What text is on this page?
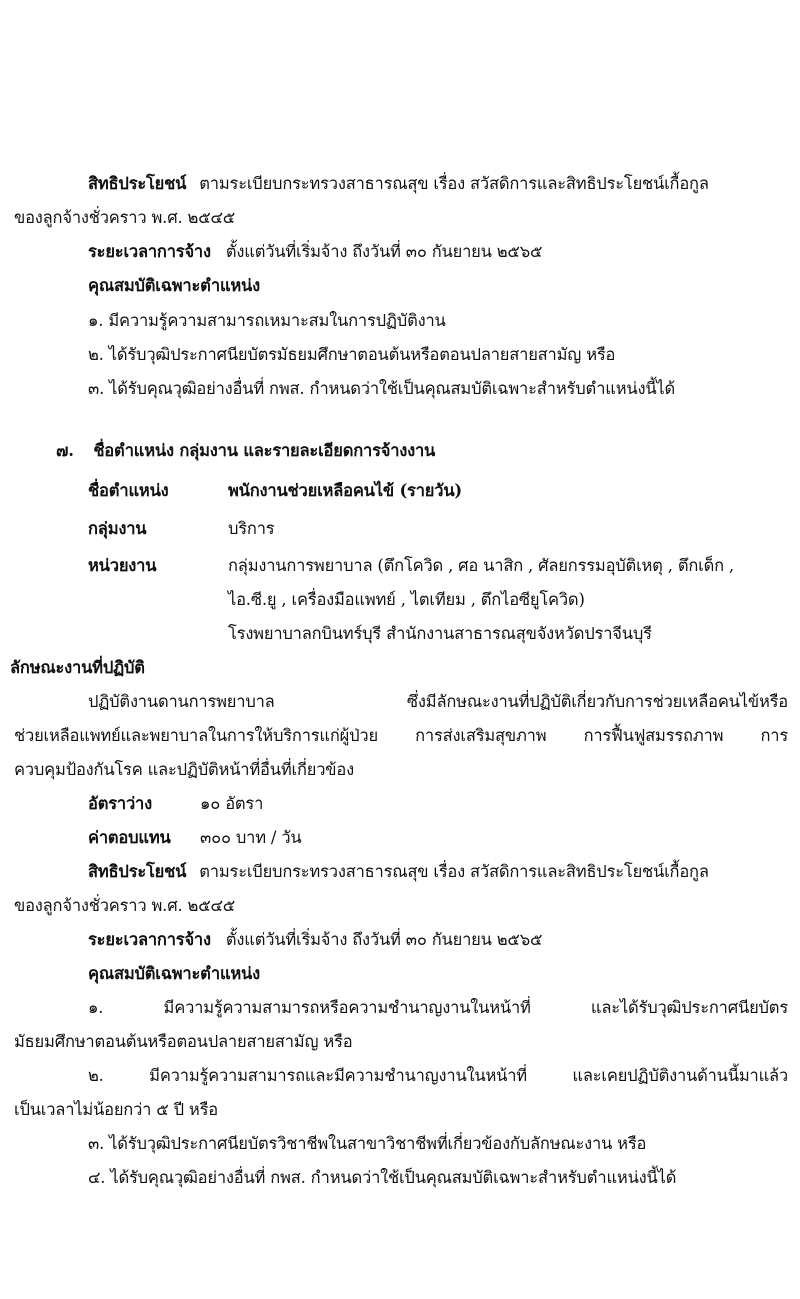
สิทธิประโยชน์ ตามระเบียบกระทรวงสาธารณสุข เรื่อง สวัสดิการและสิทธิประโยชน์เกื้อกูล
ของลูกจ้างชั่วคราว พ.ศ. ๒๕๔๕
ระยะเวลาการจ้าง ตั้งแต่วันที่เริ่มจ้าง ถึงวันที่ ๓๐ กันยายน ๒๕๖๕
คุณสมบัติเฉพาะตำแหน่ง
๑. มีความรู้ความสามารถเหมาะสมในการปฏิบัติงาน
๒. ได้รับวุฒิประกาศนียบัตรมัธยมศึกษาตอนต้นหรือตอนปลายสายสามัญ หรือ
๓. ได้รับคุณวุฒิอย่างอื่นที่ กพส. กำหนดว่าใช้เป็นคุณสมบัติเฉพาะสำหรับตำแหน่งนี้ได้
๗. ชื่อตำแหน่ง กลุ่มงาน และรายละเอียดการจ้างงาน
ชื่อตำแหน่ง	พนักงานช่วยเหลือคนไข้ (รายวัน)
กลุ่มงาน	บริการ
หน่วยงาน	กลุ่มงานการพยาบาล (ตึกโควิด , ศอ นาสิก , ศัลยกรรมอุบัติเหตุ , ตึกเด็ก ,
ไอ.ซี.ยู , เครื่องมือแพทย์ , ไตเทียม , ตึกไอซียูโควิด)
โรงพยาบาลกบินทร์บุรี สำนักงานสาธารณสุขจังหวัดปราจีนบุรี
ลักษณะงานที่ปฏิบัติ
ปฏิบัติงานดานการพยาบาล ซึ่งมีลักษณะงานที่ปฏิบัติเกี่ยวกับการช่วยเหลือคนไข้หรือ
ช่วยเหลือแพทย์และพยาบาลในการให้บริการแก่ผู้ป่วย การส่งเสริมสุขภาพ การฟื้นฟูสมรรถภาพ การ
ควบคุมป้องกันโรค และปฏิบัติหน้าที่อื่นที่เกี่ยวข้อง
อัตราว่าง	๑๐ อัตรา
ค่าตอบแทน ๓๐๐ บาท / วัน
สิทธิประโยชน์ ตามระเบียบกระทรวงสาธารณสุข เรื่อง สวัสดิการและสิทธิประโยชน์เกื้อกูล
ของลูกจ้างชั่วคราว พ.ศ. ๒๕๔๕
ระยะเวลาการจ้าง ตั้งแต่วันที่เริ่มจ้าง ถึงวันที่ ๓๐ กันยายน ๒๕๖๕
คุณสมบัติเฉพาะตำแหน่ง
๑. มีความรู้ความสามารถหรือความชำนาญงานในหน้าที่ และได้รับวุฒิประกาศนียบัตร
มัธยมศึกษาตอนต้นหรือตอนปลายสายสามัญ หรือ
๒. มีความรู้ความสามารถและมีความชำนาญงานในหน้าที่ และเคยปฏิบัติงานด้านนี้มาแล้ว
เป็นเวลาไม่น้อยกว่า ๕ ปี หรือ
๓. ได้รับวุฒิประกาศนียบัตรวิชาชีพในสาขาวิชาชีพที่เกี่ยวข้องกับลักษณะงาน หรือ
๔. ได้รับคุณวุฒิอย่างอื่นที่ กพส. กำหนดว่าใช้เป็นคุณสมบัติเฉพาะสำหรับตำแหน่งนี้ได้
